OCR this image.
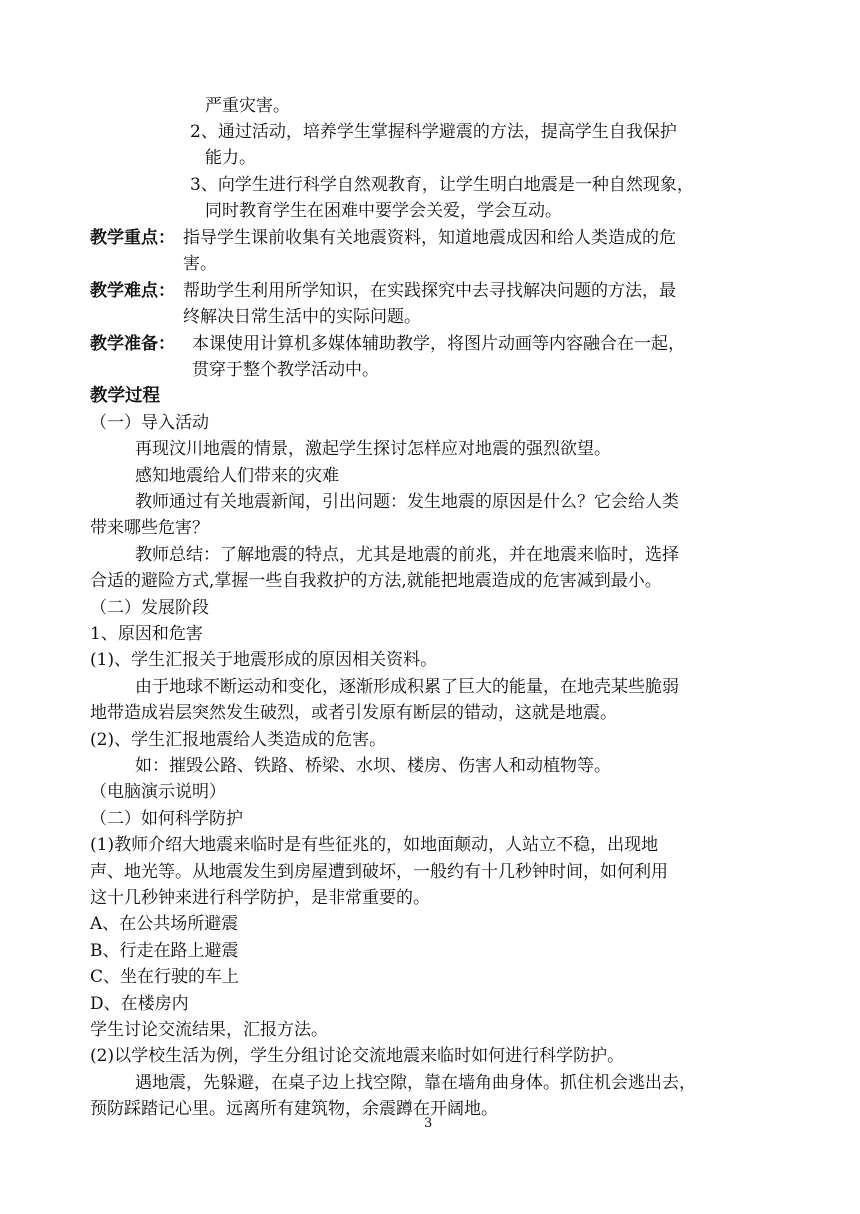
严重灾害。
2、通过活动，培养学生掌握科学避震的方法，提高学生自我保护
能力。
3、向学生进行科学自然观教育，让学生明白地震是一种自然现象，
同时教育学生在困难中要学会关爱，学会互动。
教学重点： 指导学生课前收集有关地震资料，知道地震成因和给人类造成的危
害。
教学难点： 帮助学生利用所学知识，在实践探究中去寻找解决问题的方法，最
终解决日常生活中的实际问题。
教学准备： 本课使用计算机多媒体辅助教学，将图片动画等内容融合在一起，
贯穿于整个教学活动中。
教学过程
（一）导入活动
再现汶川地震的情景，激起学生探讨怎样应对地震的强烈欲望。
感知地震给人们带来的灾难
教师通过有关地震新闻，引出问题：发生地震的原因是什么？它会给人类
带来哪些危害？
教师总结：了解地震的特点，尤其是地震的前兆，并在地震来临时，选择
合适的避险方式,掌握一些自我救护的方法,就能把地震造成的危害减到最小。
（二）发展阶段
1、原因和危害
(1)、学生汇报关于地震形成的原因相关资料。
由于地球不断运动和变化，逐渐形成积累了巨大的能量，在地壳某些脆弱
地带造成岩层突然发生破烈，或者引发原有断层的错动，这就是地震。
(2)、学生汇报地震给人类造成的危害。
如：摧毁公路、铁路、桥梁、水坝、楼房、伤害人和动植物等。
（电脑演示说明）
（二）如何科学防护
(1)教师介绍大地震来临时是有些征兆的，如地面颠动，人站立不稳，出现地
声、地光等。从地震发生到房屋遭到破坏，一般约有十几秒钟时间，如何利用
这十几秒钟来进行科学防护，是非常重要的。
A、在公共场所避震
B、行走在路上避震
C、坐在行驶的车上
D、在楼房内
学生讨论交流结果，汇报方法。
(2)以学校生活为例，学生分组讨论交流地震来临时如何进行科学防护。
遇地震，先躲避，在桌子边上找空隙，靠在墙角曲身体。抓住机会逃出去，
预防踩踏记心里。远离所有建筑物，余震蹲在开阔地。
3
